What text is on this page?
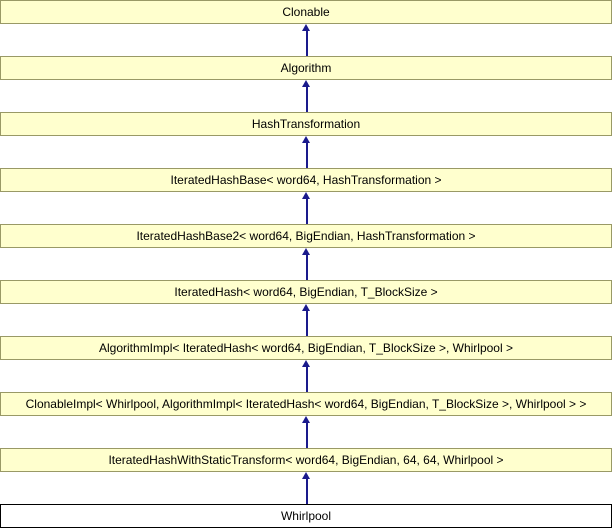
Clonable
Algorithm
HashTransformation
IteratedHashBase< word64, HashTransformation >
IteratedHashBase2< word64, BigEndian, HashTransformation >
IteratedHash< word64, BigEndian, T_BlockSize >
AlgorithmImpl< IteratedHash< word64, BigEndian, T_BlockSize >, Whirlpool >
ClonableImpl< Whirlpool, AlgorithmImpl< IteratedHash< word64, BigEndian, T_BlockSize >, Whirlpool > >
IteratedHashWithStaticTransform< word64, BigEndian, 64, 64, Whirlpool >
Whirlpool
